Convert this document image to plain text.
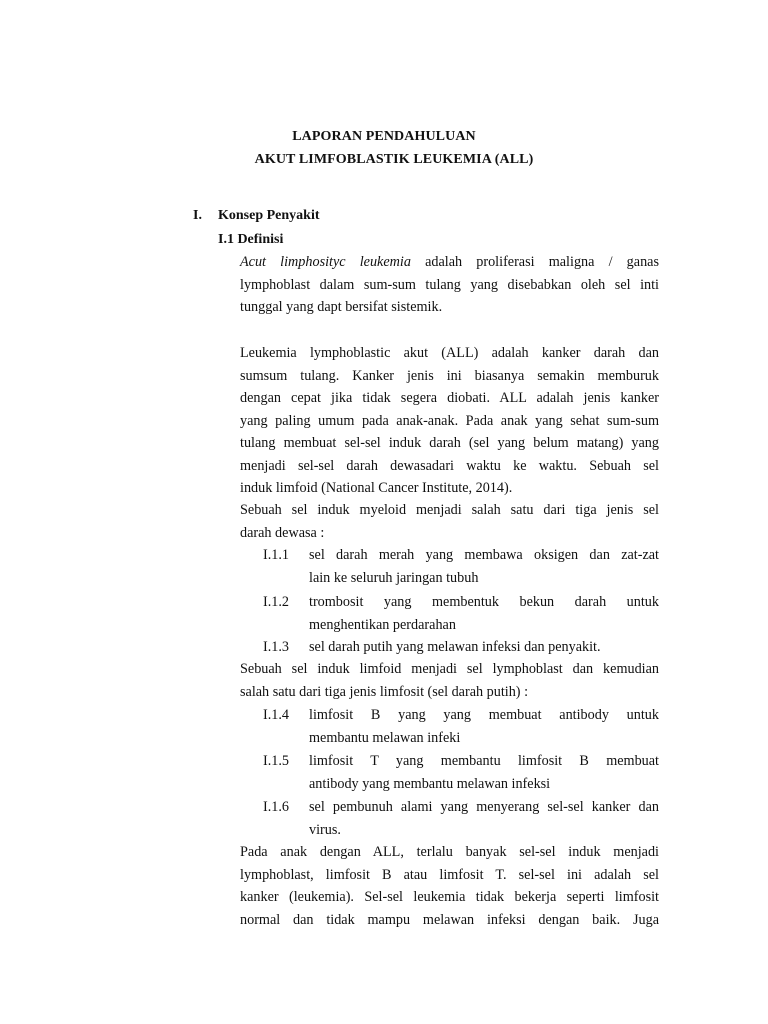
LAPORAN PENDAHULUAN
AKUT LIMFOBLASTIK LEUKEMIA (ALL)
I. Konsep Penyakit
I.1 Definisi
Acut limphosityc leukemia adalah proliferasi maligna / ganas
lymphoblast dalam sum-sum tulang yang disebabkan oleh sel inti
tunggal yang dapt bersifat sistemik.
Leukemia lymphoblastic akut (ALL) adalah kanker darah dan
sumsum tulang. Kanker jenis ini biasanya semakin memburuk
dengan cepat jika tidak segera diobati. ALL adalah jenis kanker
yang paling umum pada anak-anak. Pada anak yang sehat sum-sum
tulang membuat sel-sel induk darah (sel yang belum matang) yang
menjadi sel-sel darah dewasadari waktu ke waktu. Sebuah sel
induk limfoid (National Cancer Institute, 2014).
Sebuah sel induk myeloid menjadi salah satu dari tiga jenis sel
darah dewasa :
I.1.1	sel darah merah yang membawa oksigen dan zat-zat
lain ke seluruh jaringan tubuh
I.1.2	trombosit yang membentuk bekun darah untuk
menghentikan perdarahan
I.1.3	sel darah putih yang melawan infeksi dan penyakit.
Sebuah sel induk limfoid menjadi sel lymphoblast dan kemudian
salah satu dari tiga jenis limfosit (sel darah putih) :
I.1.4	limfosit B yang yang membuat antibody untuk
membantu melawan infeki
I.1.5	limfosit T yang membantu limfosit B membuat
antibody yang membantu melawan infeksi
I.1.6	sel pembunuh alami yang menyerang sel-sel kanker dan
virus.
Pada anak dengan ALL, terlalu banyak sel-sel induk menjadi
lymphoblast, limfosit B atau limfosit T. sel-sel ini adalah sel
kanker (leukemia). Sel-sel leukemia tidak bekerja seperti limfosit
normal dan tidak mampu melawan infeksi dengan baik. Juga
